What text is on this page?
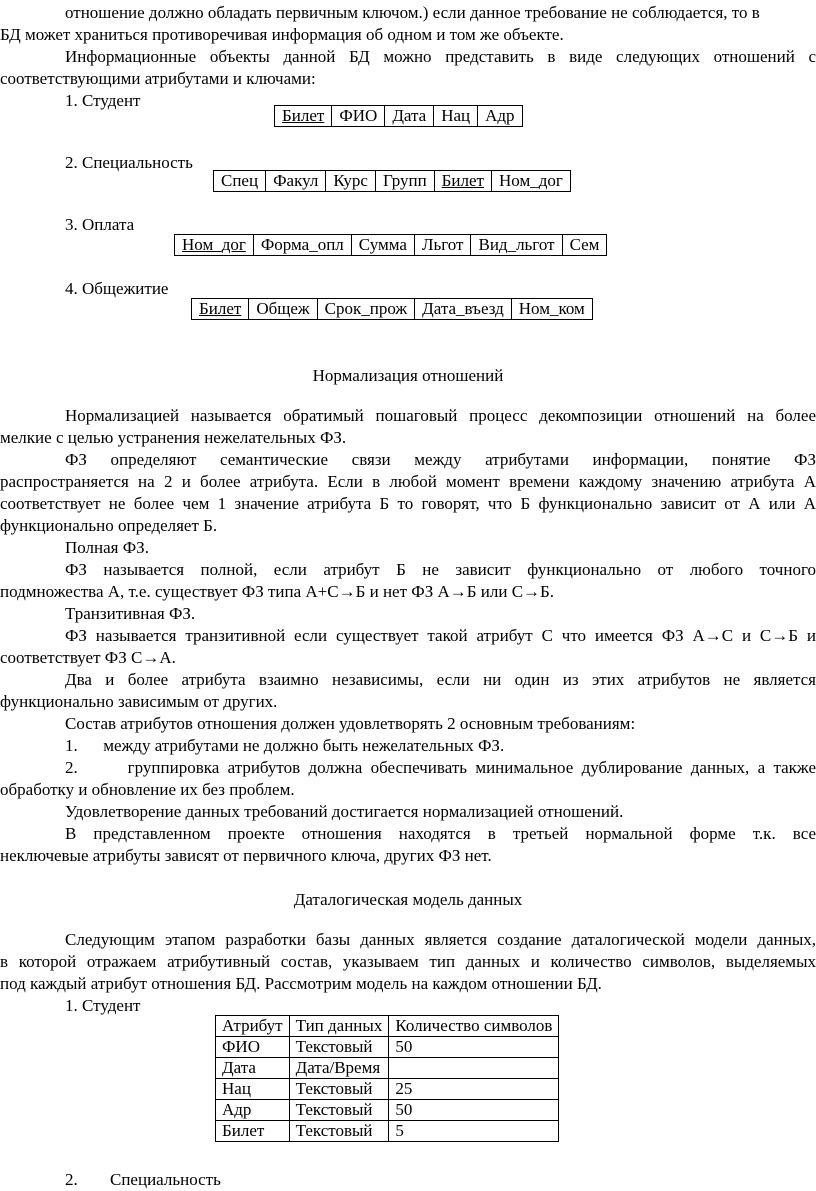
отношение должно обладать первичным ключом.) если данное требование не соблюдается, то в
БД может храниться противоречивая информация об одном и том же объекте.
Информационные объекты данной БД можно представить в виде следующих отношений с
соответствующими атрибутами и ключами:
1. Студент
Билет ФИО Дата Нац Адр
2. Специальность
Спец Факул Курс Групп Билет Ном_дог
3. Оплата
Ном_дог Форма_опл Сумма Льгот Вид_льгот Сем
4. Общежитие
Билет Общеж Срок_прож Дата_въезд Ном_ком
Нормализация отношений
Нормализацией называется обратимый пошаговый процесс декомпозиции отношений на более
мелкие с целью устранения нежелательных ФЗ.
ФЗ определяют семантические связи между атрибутами информации, понятие ФЗ
распространяется на 2 и более атрибута. Если в любой момент времени каждому значению атрибута А
соответствует не более чем 1 значение атрибута Б то говорят, что Б функционально зависит от А или А
функционально определяет Б.
Полная ФЗ.
ФЗ называется полной, если атрибут Б не зависит функционально от любого точного
подмножества А, т.е. существует ФЗ типа А+С→Б и нет ФЗ А→Б или С→Б.
Транзитивная ФЗ.
ФЗ называется транзитивной если существует такой атрибут С что имеется ФЗ А→С и С→Б и
соответствует ФЗ С→А.
Два и более атрибута взаимно независимы, если ни один из этих атрибутов не является
функционально зависимым от других.
Состав атрибутов отношения должен удовлетворять 2 основным требованиям:
1.      между атрибутами не должно быть нежелательных ФЗ.
2.      группировка атрибутов должна обеспечивать минимальное дублирование данных, а также
обработку и обновление их без проблем.
Удовлетворение данных требований достигается нормализацией отношений.
В представленном проекте отношения находятся в третьей нормальной форме т.к. все
неключевые атрибуты зависят от первичного ключа, других ФЗ нет.
Даталогическая модель данных
Следующим этапом разработки базы данных является создание даталогической модели данных,
в которой отражаем атрибутивный состав, указываем тип данных и количество символов, выделяемых
под каждый атрибут отношения БД. Рассмотрим модель на каждом отношении БД.
1. Студент
Атрибут	Тип данных	Количество символов
ФИО	Текстовый	50
Дата	Дата/Время	
Нац	Текстовый	25
Адр	Текстовый	50
Билет	Текстовый	5
2. Специальность
